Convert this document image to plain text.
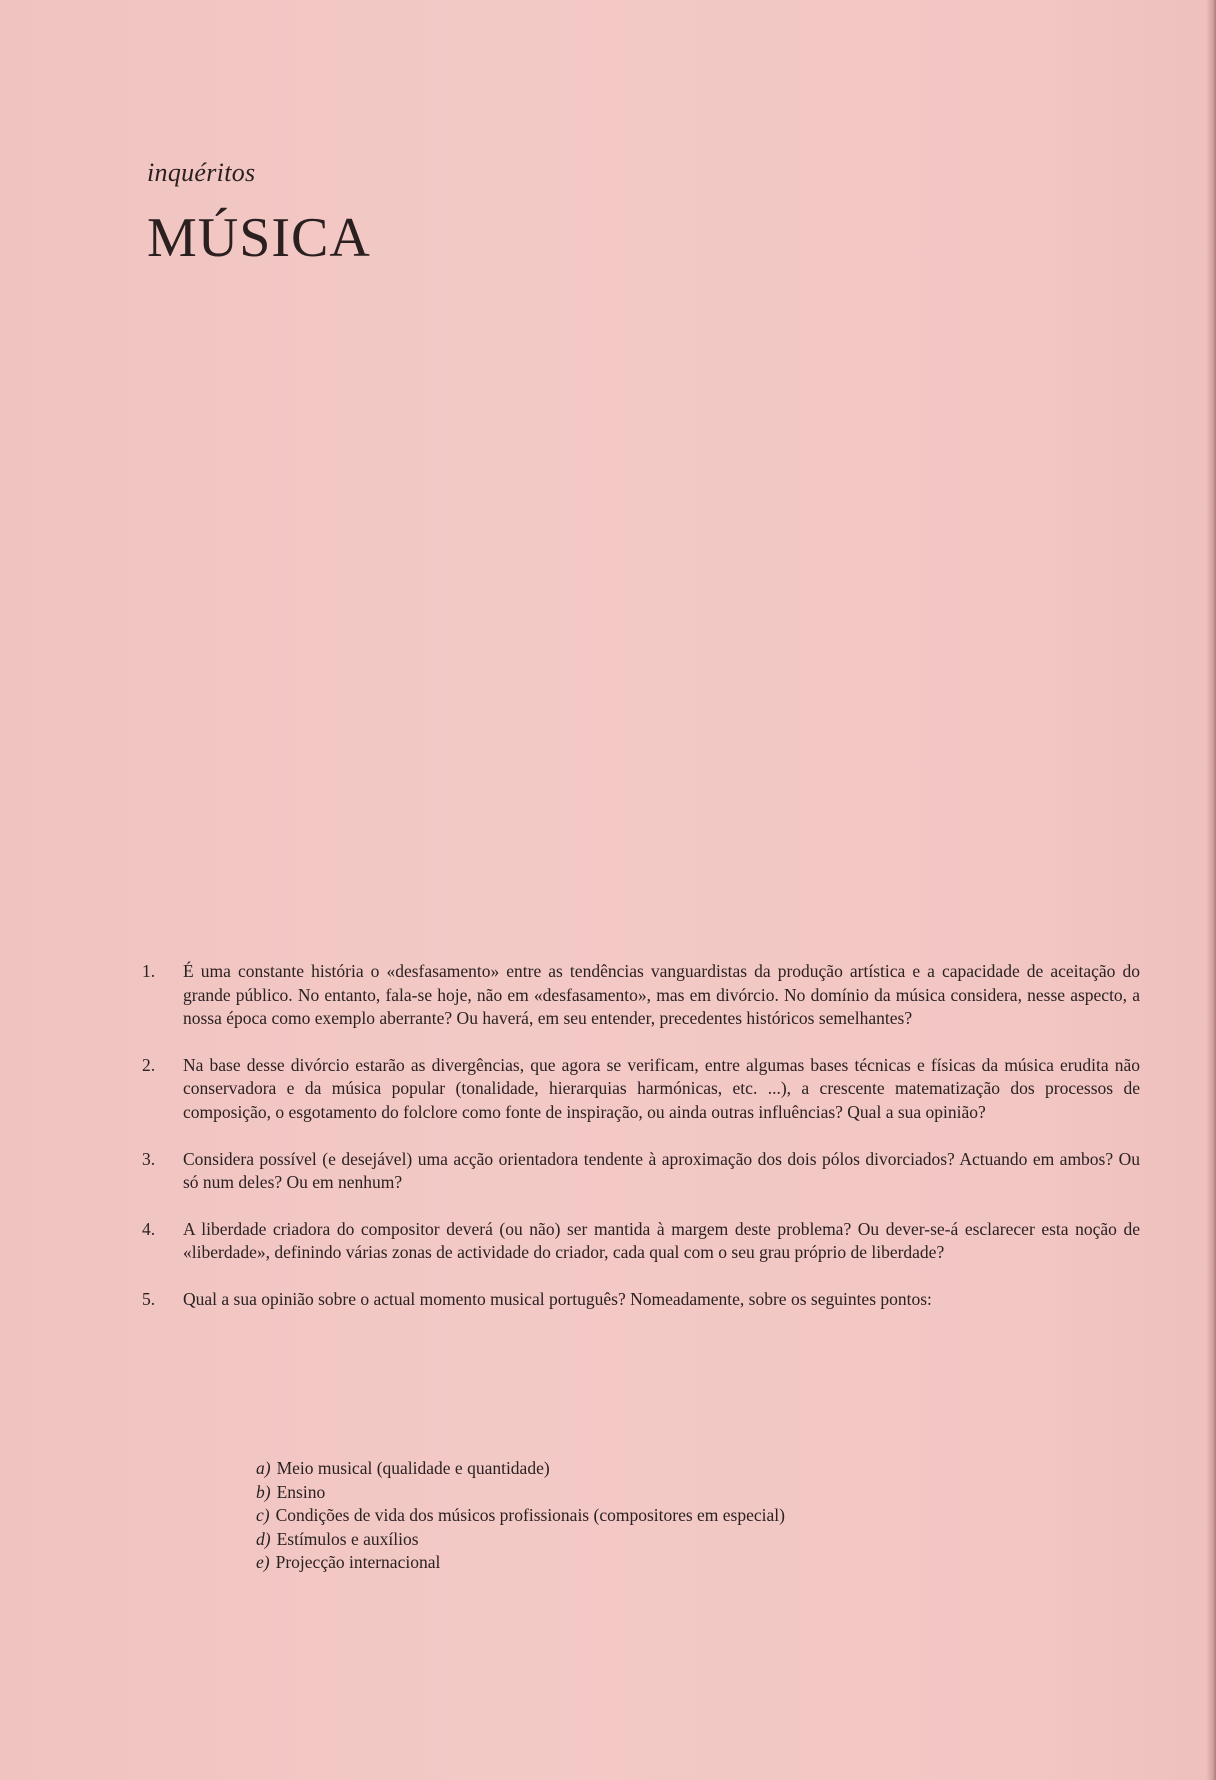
inquéritos
MÚSICA
1. É uma constante história o «desfasamento» entre as tendências vanguardistas da produção artística e a capacidade de aceitação do grande público. No entanto, fala-se hoje, não em «desfasamento», mas em divórcio. No domínio da música considera, nesse aspecto, a nossa época como exemplo aberrante? Ou haverá, em seu entender, precedentes históricos semelhantes?
2. Na base desse divórcio estarão as divergências, que agora se verificam, entre algumas bases técnicas e físicas da música erudita não conservadora e da música popular (tonalidade, hierarquias harmónicas, etc. ...), a crescente matematização dos processos de composição, o esgotamento do folclore como fonte de inspiração, ou ainda outras influências? Qual a sua opinião?
3. Considera possível (e desejável) uma acção orientadora tendente à aproximação dos dois pólos divorciados? Actuando em ambos? Ou só num deles? Ou em nenhum?
4. A liberdade criadora do compositor deverá (ou não) ser mantida à margem deste problema? Ou dever-se-á esclarecer esta noção de «liberdade», definindo várias zonas de actividade do criador, cada qual com o seu grau próprio de liberdade?
5. Qual a sua opinião sobre o actual momento musical português? Nomeadamente, sobre os seguintes pontos:
a) Meio musical (qualidade e quantidade)
b) Ensino
c) Condições de vida dos músicos profissionais (compositores em especial)
d) Estímulos e auxílios
e) Projecção internacional
